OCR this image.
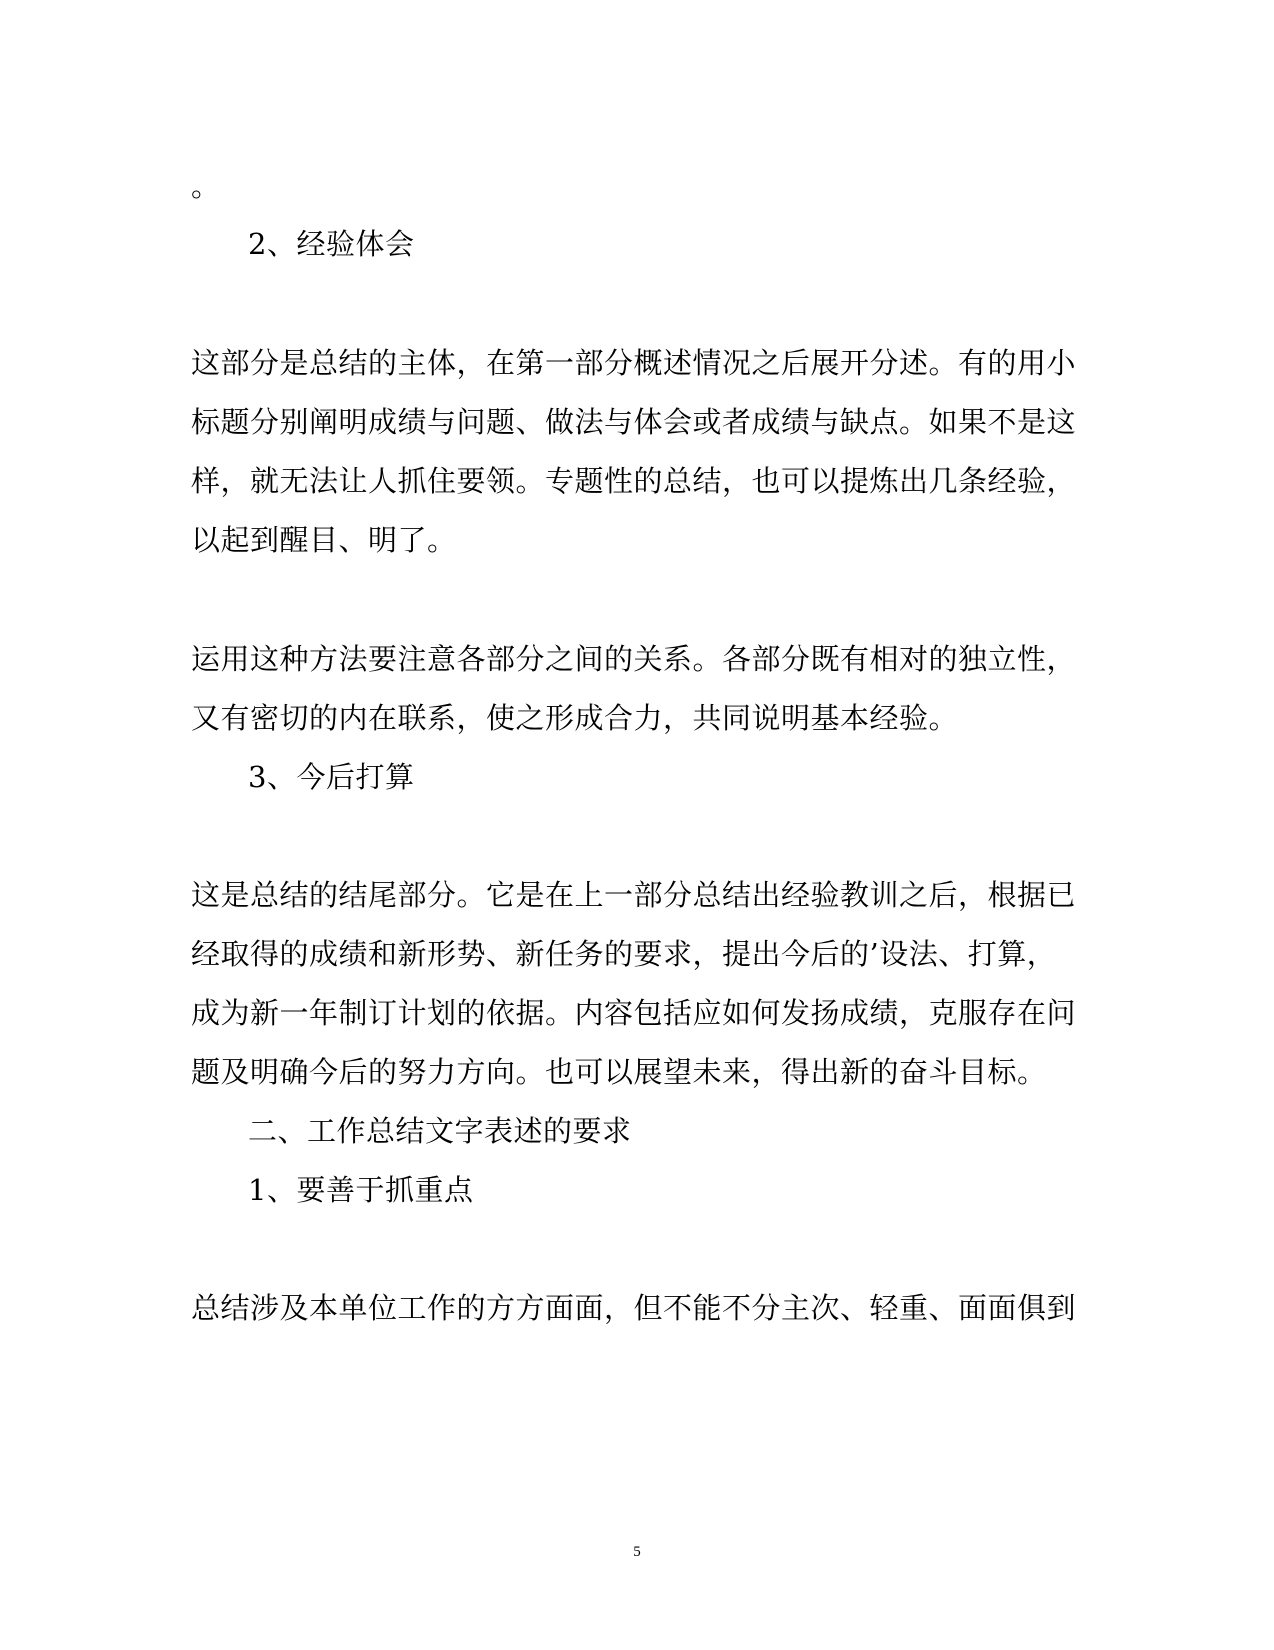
。
2、经验体会
这部分是总结的主体，在第一部分概述情况之后展开分述。有的用小
标题分别阐明成绩与问题、做法与体会或者成绩与缺点。如果不是这
样，就无法让人抓住要领。专题性的总结，也可以提炼出几条经验，
以起到醒目、明了。
运用这种方法要注意各部分之间的关系。各部分既有相对的独立性，
又有密切的内在联系，使之形成合力，共同说明基本经验。
3、今后打算
这是总结的结尾部分。它是在上一部分总结出经验教训之后，根据已
经取得的成绩和新形势、新任务的要求，提出今后的’设法、打算，
成为新一年制订计划的依据。内容包括应如何发扬成绩，克服存在问
题及明确今后的努力方向。也可以展望未来，得出新的奋斗目标。
二、工作总结文字表述的要求
1、要善于抓重点
总结涉及本单位工作的方方面面，但不能不分主次、轻重、面面俱到
5
